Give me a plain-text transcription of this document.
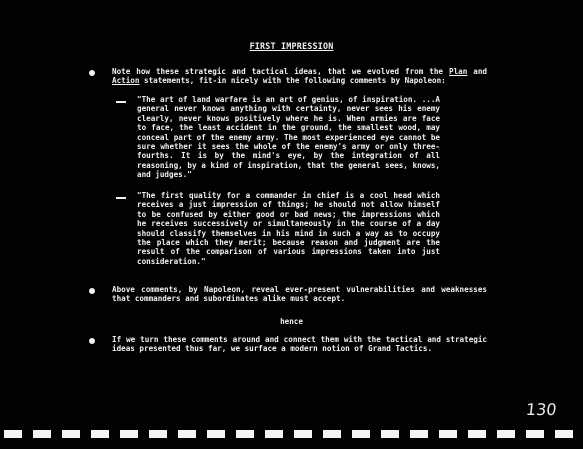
FIRST IMPRESSION

Note how these strategic and tactical ideas, that we evolved from the Plan and Action statements, fit-in nicely with the following comments by Napoleon:

"The art of land warfare is an art of genius, of inspiration. ...A general never knows anything with certainty, never sees his enemy clearly, never knows positively where he is. When armies are face to face, the least accident in the ground, the smallest wood, may conceal part of the enemy army. The most experienced eye cannot be sure whether it sees the whole of the enemy's army or only three-fourths. It is by the mind's eye, by the integration of all reasoning, by a kind of inspiration, that the general sees, knows, and judges."

"The first quality for a commander in chief is a cool head which receives a just impression of things; he should not allow himself to be confused by either good or bad news; the impressions which he receives successively or simultaneously in the course of a day should classify themselves in his mind in such a way as to occupy the place which they merit; because reason and judgment are the result of the comparison of various impressions taken into just consideration."

Above comments, by Napoleon, reveal ever-present vulnerabilities and weaknesses that commanders and subordinates alike must accept.

hence

If we turn these comments around and connect them with the tactical and strategic ideas presented thus far, we surface a modern notion of Grand Tactics.

130
